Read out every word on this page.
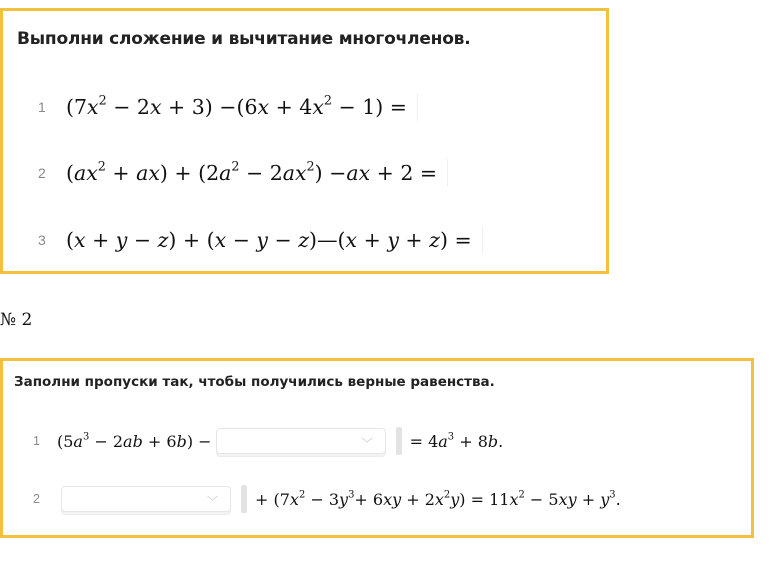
Выполни сложение и вычитание многочленов.
1 $(7x^2 - 2x + 3) -(6x + 4x^2 - 1)$ =
2 $(ax^2 + ax) + (2a^2 - 2ax^2) -ax + 2$ =
3 (x + y − z) + (x − y − z)—(x + y + z) =
№ 2
Заполни пропуски так, чтобы получились верные равенства.
1	$(5a^3 - 2ab + 6b)$ −	﹀ = $4a^3 + 8b$.
2	﹀ + $(7x^2 - 3y^3+ 6xy + 2x^2y) = 11x^2 - 5xy + y^3$.
